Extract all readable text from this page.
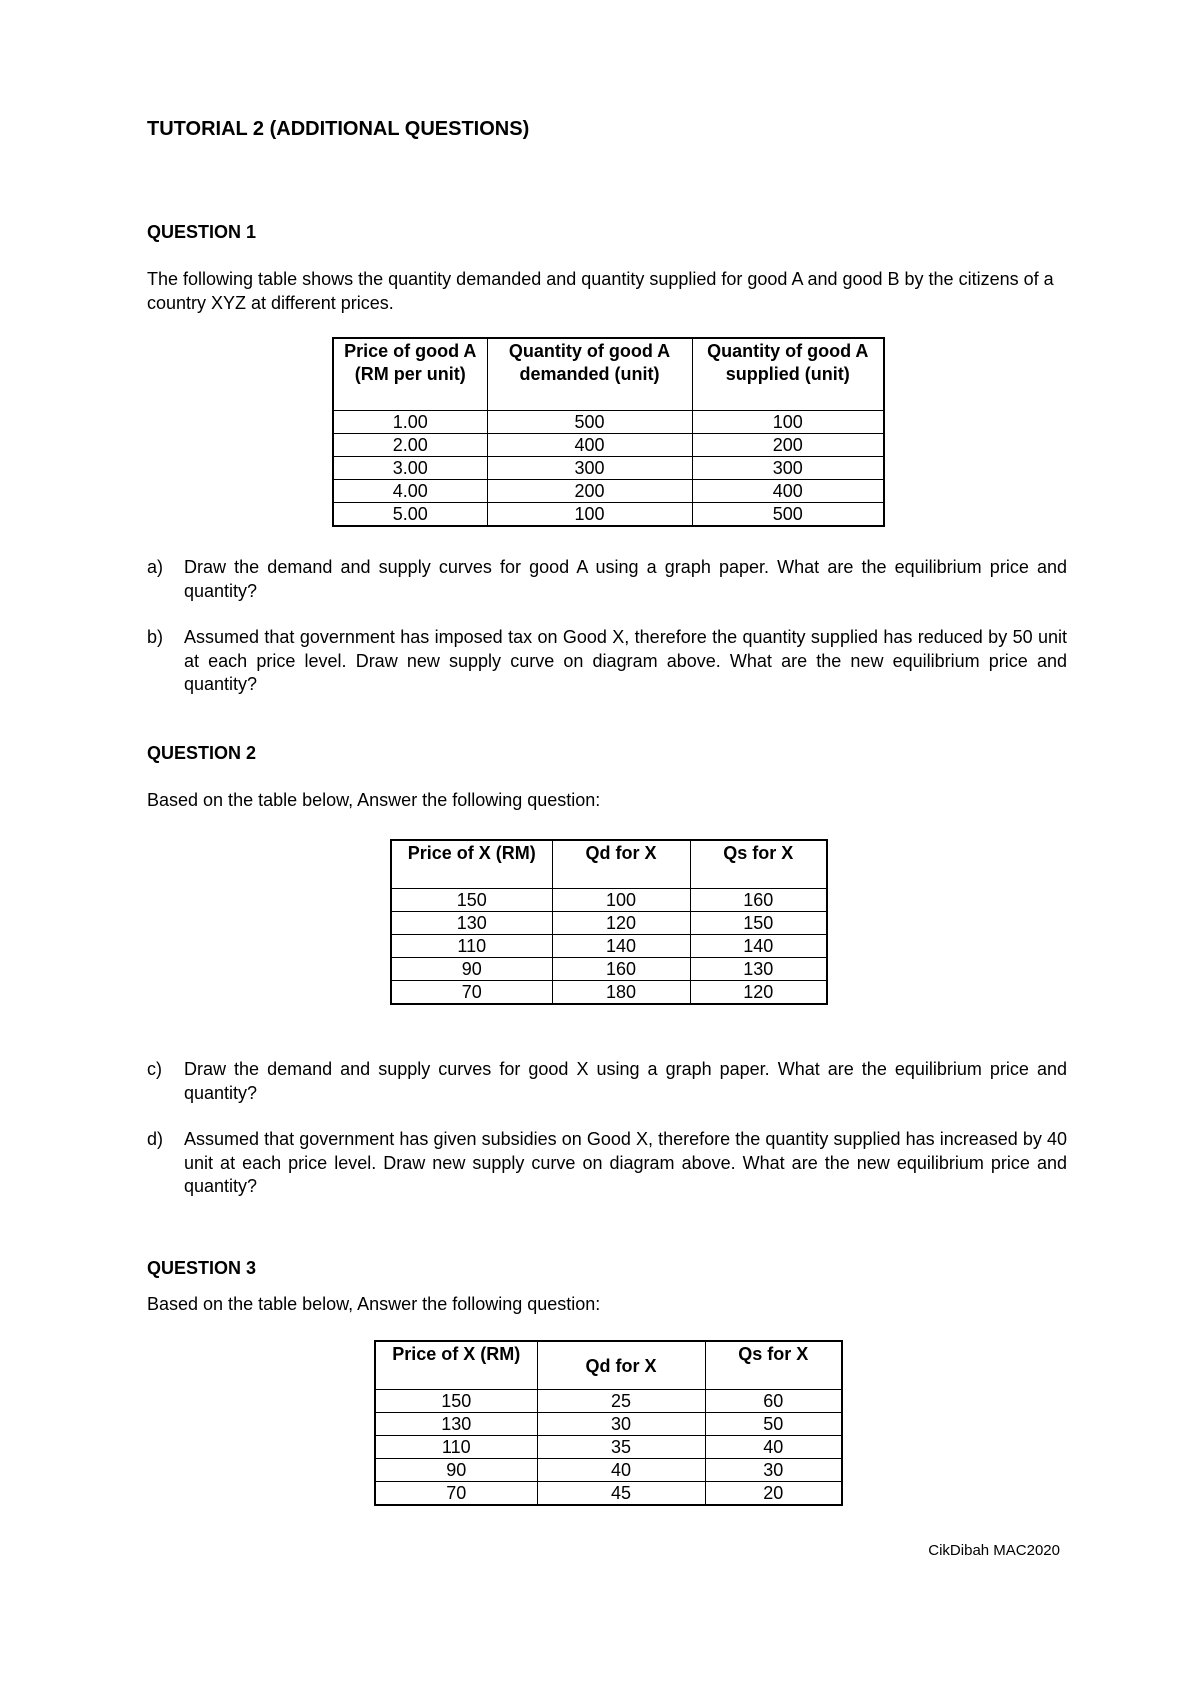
TUTORIAL 2 (ADDITIONAL QUESTIONS)
QUESTION 1
The following table shows the quantity demanded and quantity supplied for good A and good B by the citizens of a country XYZ at different prices.
Price of good A (RM per unit)	Quantity of good A demanded (unit)	Quantity of good A supplied (unit)
1.00	500	100
2.00	400	200
3.00	300	300
4.00	200	400
5.00	100	500
a) Draw the demand and supply curves for good A using a graph paper. What are the equilibrium price and quantity?
b) Assumed that government has imposed tax on Good X, therefore the quantity supplied has reduced by 50 unit at each price level. Draw new supply curve on diagram above. What are the new equilibrium price and quantity?
QUESTION 2
Based on the table below, Answer the following question:
Price of X (RM)	Qd for X	Qs for X
150	100	160
130	120	150
110	140	140
90	160	130
70	180	120
c) Draw the demand and supply curves for good X using a graph paper. What are the equilibrium price and quantity?
d) Assumed that government has given subsidies on Good X, therefore the quantity supplied has increased by 40 unit at each price level. Draw new supply curve on diagram above. What are the new equilibrium price and quantity?
QUESTION 3
Based on the table below, Answer the following question:
Price of X (RM)	Qd for X	Qs for X
150	25	60
130	30	50
110	35	40
90	40	30
70	45	20
CikDibah MAC2020
